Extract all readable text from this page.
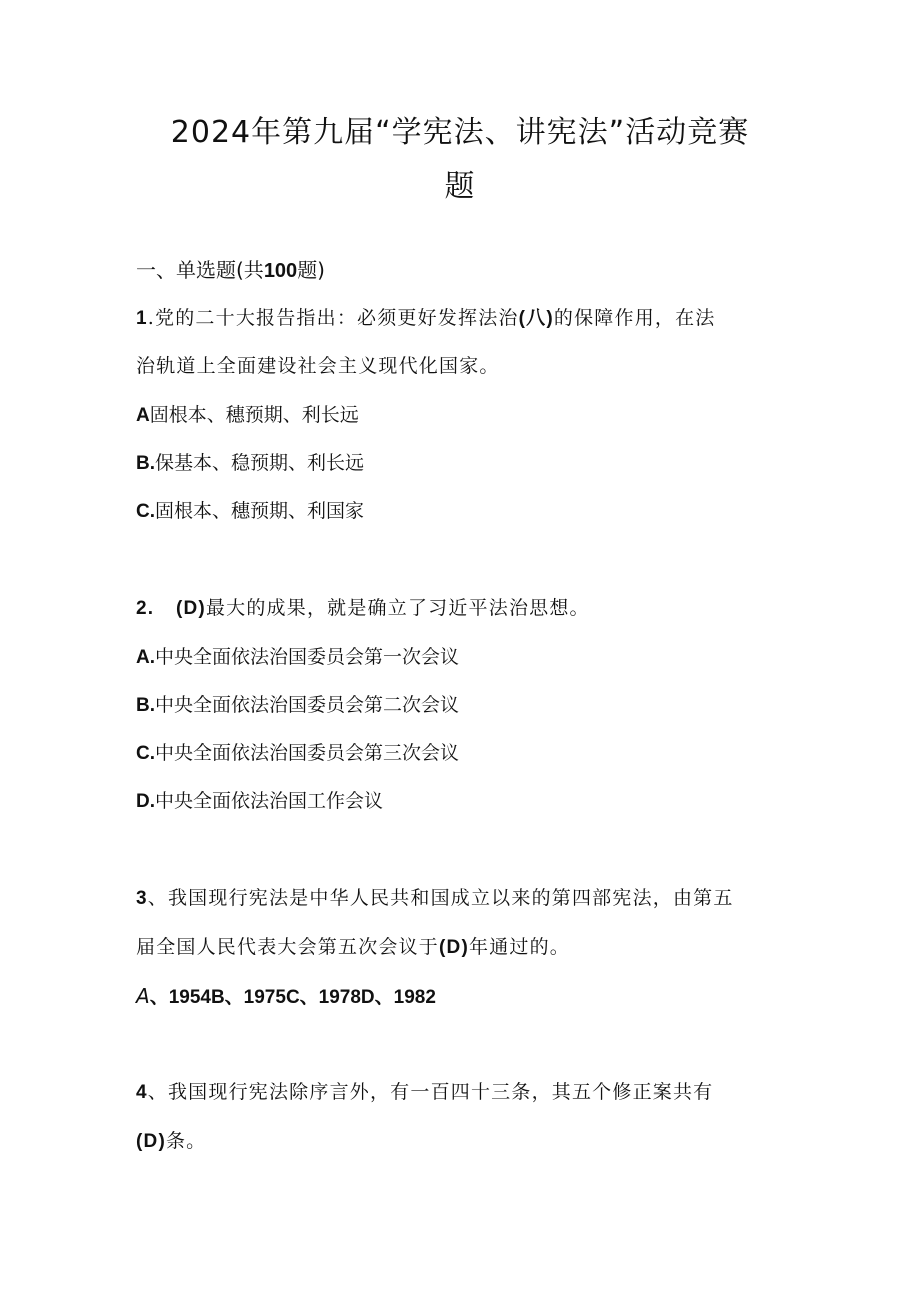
2024年第九届“学宪法、讲宪法”活动竞赛
题
一、单选题(共100题)
1.党的二十大报告指出：必须更好发挥法治(八)的保障作用，在法
治轨道上全面建设社会主义现代化国家。
A固根本、穗预期、利长远
B.保基本、稳预期、利长远
C.固根本、穗预期、利国家
2. (D)最大的成果，就是确立了习近平法治思想。
A.中央全面依法治国委员会第一次会议
B.中央全面依法治国委员会第二次会议
C.中央全面依法治国委员会第三次会议
D.中央全面依法治国工作会议
3、我国现行宪法是中华人民共和国成立以来的第四部宪法，由第五
届全国人民代表大会第五次会议于(D)年通过的。
A、1954B、1975C、1978D、1982
4、我国现行宪法除序言外，有一百四十三条，其五个修正案共有
(D)条。
